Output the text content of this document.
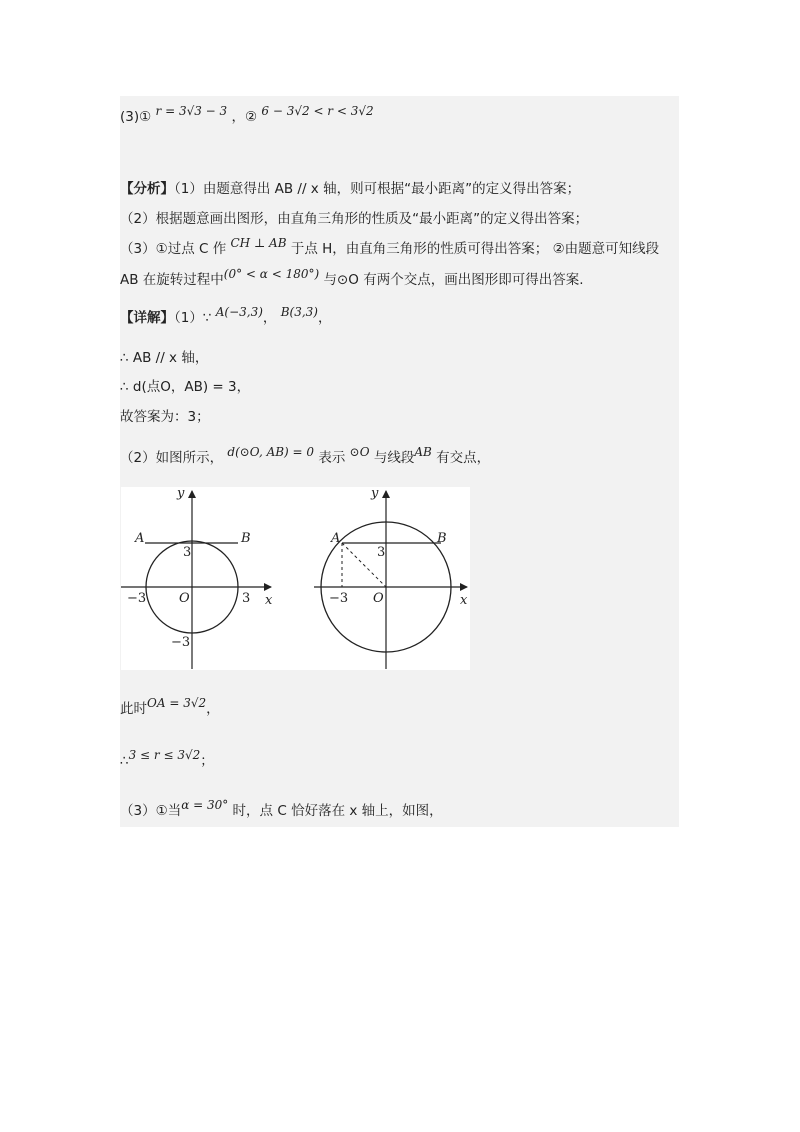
(3)① r = 3√3 − 3 ，② 6 − 3√2 < r < 3√2
【分析】（1）由题意得出 AB // x 轴，则可根据“最小距离”的定义得出答案；
（2）根据题意画出图形，由直角三角形的性质及“最小距离”的定义得出答案；
（3）①过点 C 作 CH ⊥ AB 于点 H，由直角三角形的性质可得出答案； ②由题意可知线段
AB 在旋转过程中(0° < α < 180°) 与⊙O 有两个交点，画出图形即可得出答案.
【详解】（1）∵ A(−3,3)， B(3,3)，
∴ AB // x 轴，
∴ d(点O，AB) = 3，
故答案为：3；
（2）如图所示， d(⊙O, AB) = 0 表示 ⊙O 与线段AB 有交点，
y
A	B
3
−3	O	3 x
−3
y
A	B
3
−3 O	x
此时OA = 3√2，
∴3 ≤ r ≤ 3√2；
（3）①当α = 30° 时，点 C 恰好落在 x 轴上，如图，
